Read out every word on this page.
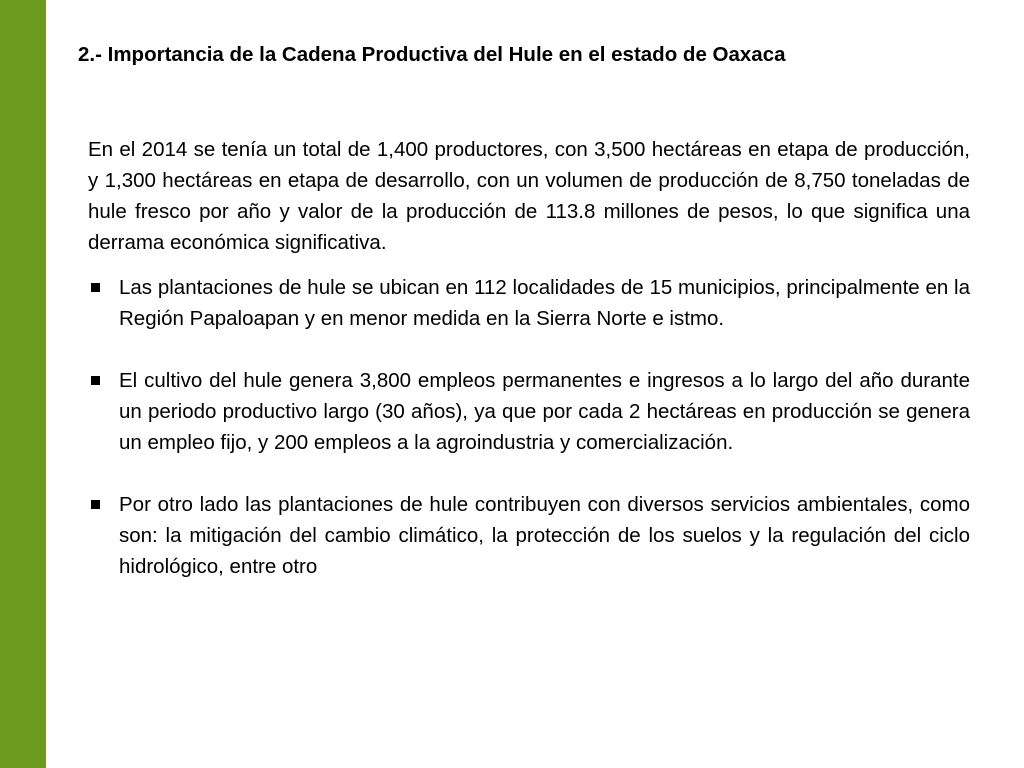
2.- Importancia de la Cadena Productiva del Hule en el estado de Oaxaca

En el 2014 se tenía un total de 1,400 productores, con 3,500 hectáreas en etapa de producción, y 1,300 hectáreas en etapa de desarrollo, con un volumen de producción de 8,750 toneladas de hule fresco por año y valor de la producción de 113.8 millones de pesos, lo que significa una derrama económica significativa.

Las plantaciones de hule se ubican en 112 localidades de 15 municipios, principalmente en la Región Papaloapan y en menor medida en la Sierra Norte e istmo.
El cultivo del hule genera 3,800 empleos permanentes e ingresos a lo largo del año durante un periodo productivo largo (30 años), ya que por cada 2 hectáreas en producción se genera un empleo fijo, y 200 empleos a la agroindustria y comercialización.
Por otro lado las plantaciones de hule contribuyen con diversos servicios ambientales, como son: la mitigación del cambio climático, la protección de los suelos y la regulación del ciclo hidrológico, entre otro
